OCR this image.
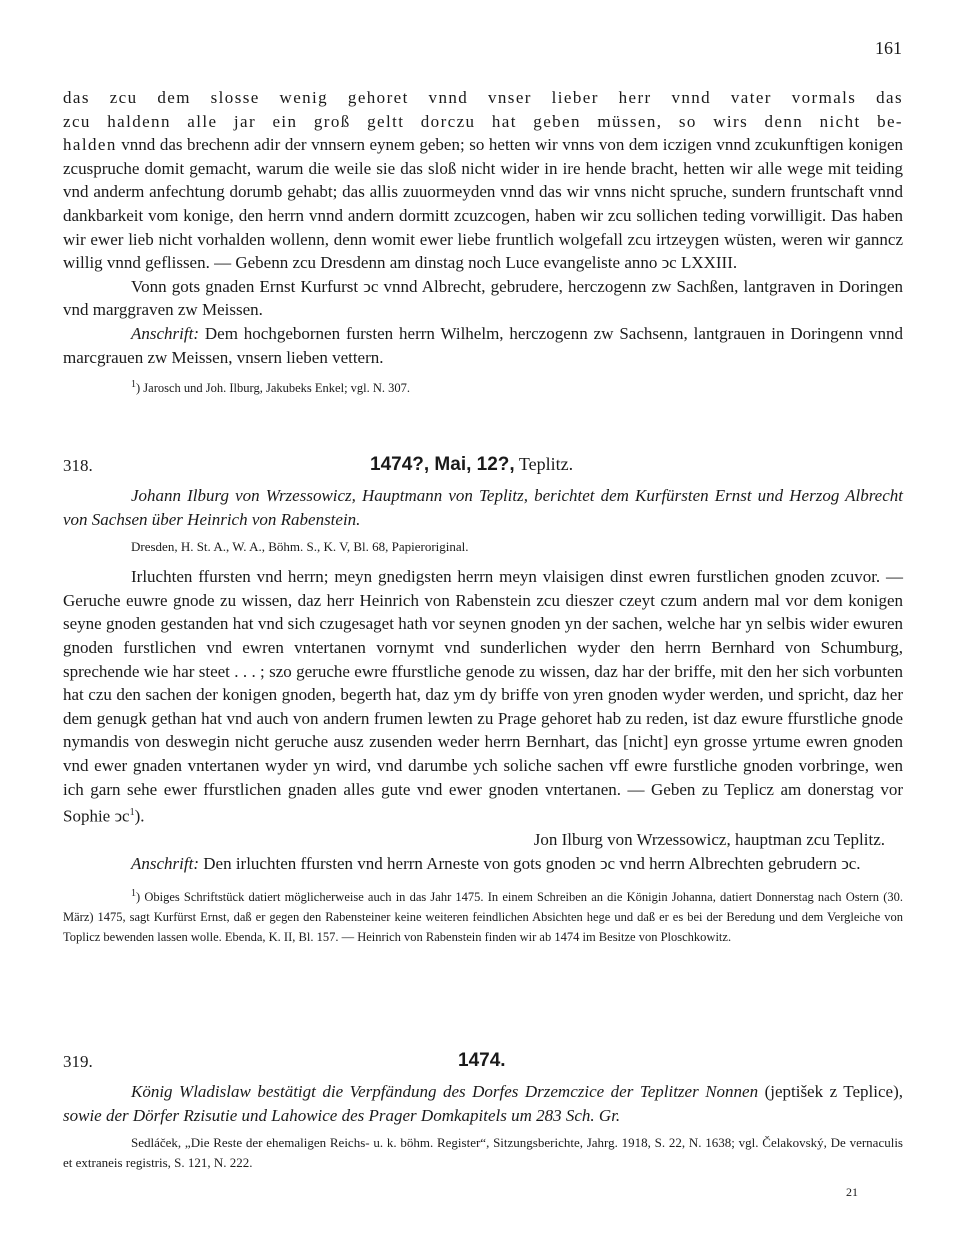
161

das zcu dem slosse wenig gehoret vnnd vnser lieber herr vnnd vater vormals das

zcu haldenn alle jar ein groß geltt dorczu hat geben müssen, so wirs denn nicht be-

halden vnnd das brechenn adir der vnnsern eynem geben; so hetten wir vnns von dem iczigen vnnd zcukunftigen konigen zcuspruche domit gemacht, warum die weile sie das sloß nicht wider in ire hende bracht, hetten wir alle wege mit teiding vnd anderm anfechtung dorumb gehabt; das allis zuuormeyden vnnd das wir vnns nicht spruche, sundern fruntschaft vnnd dankbarkeit vom konige, den herrn vnnd andern dormitt zcuzcogen, haben wir zcu sollichen teding vorwilligit. Das haben wir ewer lieb nicht vorhalden wollenn, denn womit ewer liebe fruntlich wolgefall zcu irtzeygen wüsten, weren wir ganncz willig vnnd geflissen. — Gebenn zcu Dresdenn am dinstag noch Luce evangeliste anno ↄc LXXIII.

Vonn gots gnaden Ernst Kurfurst ↄc vnnd Albrecht, gebrudere, herczogenn zw Sachßen, lantgraven in Doringen vnd marggraven zw Meissen.

Anschrift: Dem hochgebornen fursten herrn Wilhelm, herczogenn zw Sachsenn, lantgrauen in Doringenn vnnd marcgrauen zw Meissen, vnsern lieben vettern.

$^1$) Jarosch und Joh. Ilburg, Jakubeks Enkel; vgl. N. 307.

318.	1474?, Mai, 12?, Teplitz.

Johann Ilburg von Wrzessowicz, Hauptmann von Teplitz, berichtet dem Kurfürsten Ernst und Herzog Albrecht von Sachsen über Heinrich von Rabenstein.

Dresden, H. St. A., W. A., Böhm. S., K. V, Bl. 68, Papieroriginal.

Irluchten ffursten vnd herrn; meyn gnedigsten herrn meyn vlaisigen dinst ewren furstlichen gnoden zcuvor. — Geruche euwre gnode zu wissen, daz herr Heinrich von Rabenstein zcu dieszer czeyt czum andern mal vor dem konigen seyne gnoden gestanden hat vnd sich czugesaget hath vor seynen gnoden yn der sachen, welche har yn selbis wider ewuren gnoden furstlichen vnd ewren vntertanen vornymt vnd sunderlichen wyder den herrn Bernhard von Schumburg, sprechende wie har steet . . . ; szo geruche ewre ffurstliche genode zu wissen, daz har der briffe, mit den her sich vorbunten hat czu den sachen der konigen gnoden, begerth hat, daz ym dy briffe von yren gnoden wyder werden, und spricht, daz her dem genugk gethan hat vnd auch von andern frumen lewten zu Prage gehoret hab zu reden, ist daz ewure ffurstliche gnode nymandis von deswegin nicht geruche ausz zusenden weder herrn Bernhart, das [nicht] eyn grosse yrtume ewren gnoden vnd ewer gnaden vntertanen wyder yn wird, vnd darumbe ych soliche sachen vff ewre furstliche gnoden vorbringe, wen ich garn sehe ewer ffurstlichen gnaden alles gute vnd ewer gnoden vntertanen. — Geben zu Teplicz am donerstag vor Sophie ↄc$^1$).

Jon Ilburg von Wrzessowicz, hauptman zcu Teplitz.

Anschrift: Den irluchten ffursten vnd herrn Arneste von gots gnoden ↄc vnd herrn Albrechten gebrudern ↄc.

$^1$) Obiges Schriftstück datiert möglicherweise auch in das Jahr 1475. In einem Schreiben an die Königin Johanna, datiert Donnerstag nach Ostern (30. März) 1475, sagt Kurfürst Ernst, daß er gegen den Rabensteiner keine weiteren feindlichen Absichten hege und daß er es bei der Beredung und dem Vergleiche von Toplicz bewenden lassen wolle. Ebenda, K. II, Bl. 157. — Heinrich von Rabenstein finden wir ab 1474 im Besitze von Ploschkowitz.

319.	1474.

König Wladislaw bestätigt die Verpfändung des Dorfes Drzemczice der Teplitzer Nonnen (jeptišek z Teplice), sowie der Dörfer Rzisutie und Lahowice des Prager Domkapitels um 283 Sch. Gr.

Sedláček, „Die Reste der ehemaligen Reichs- u. k. böhm. Register“, Sitzungsberichte, Jahrg. 1918, S. 22, N. 1638; vgl. Čelakovský, De vernaculis et extraneis registris, S. 121, N. 222.

21
